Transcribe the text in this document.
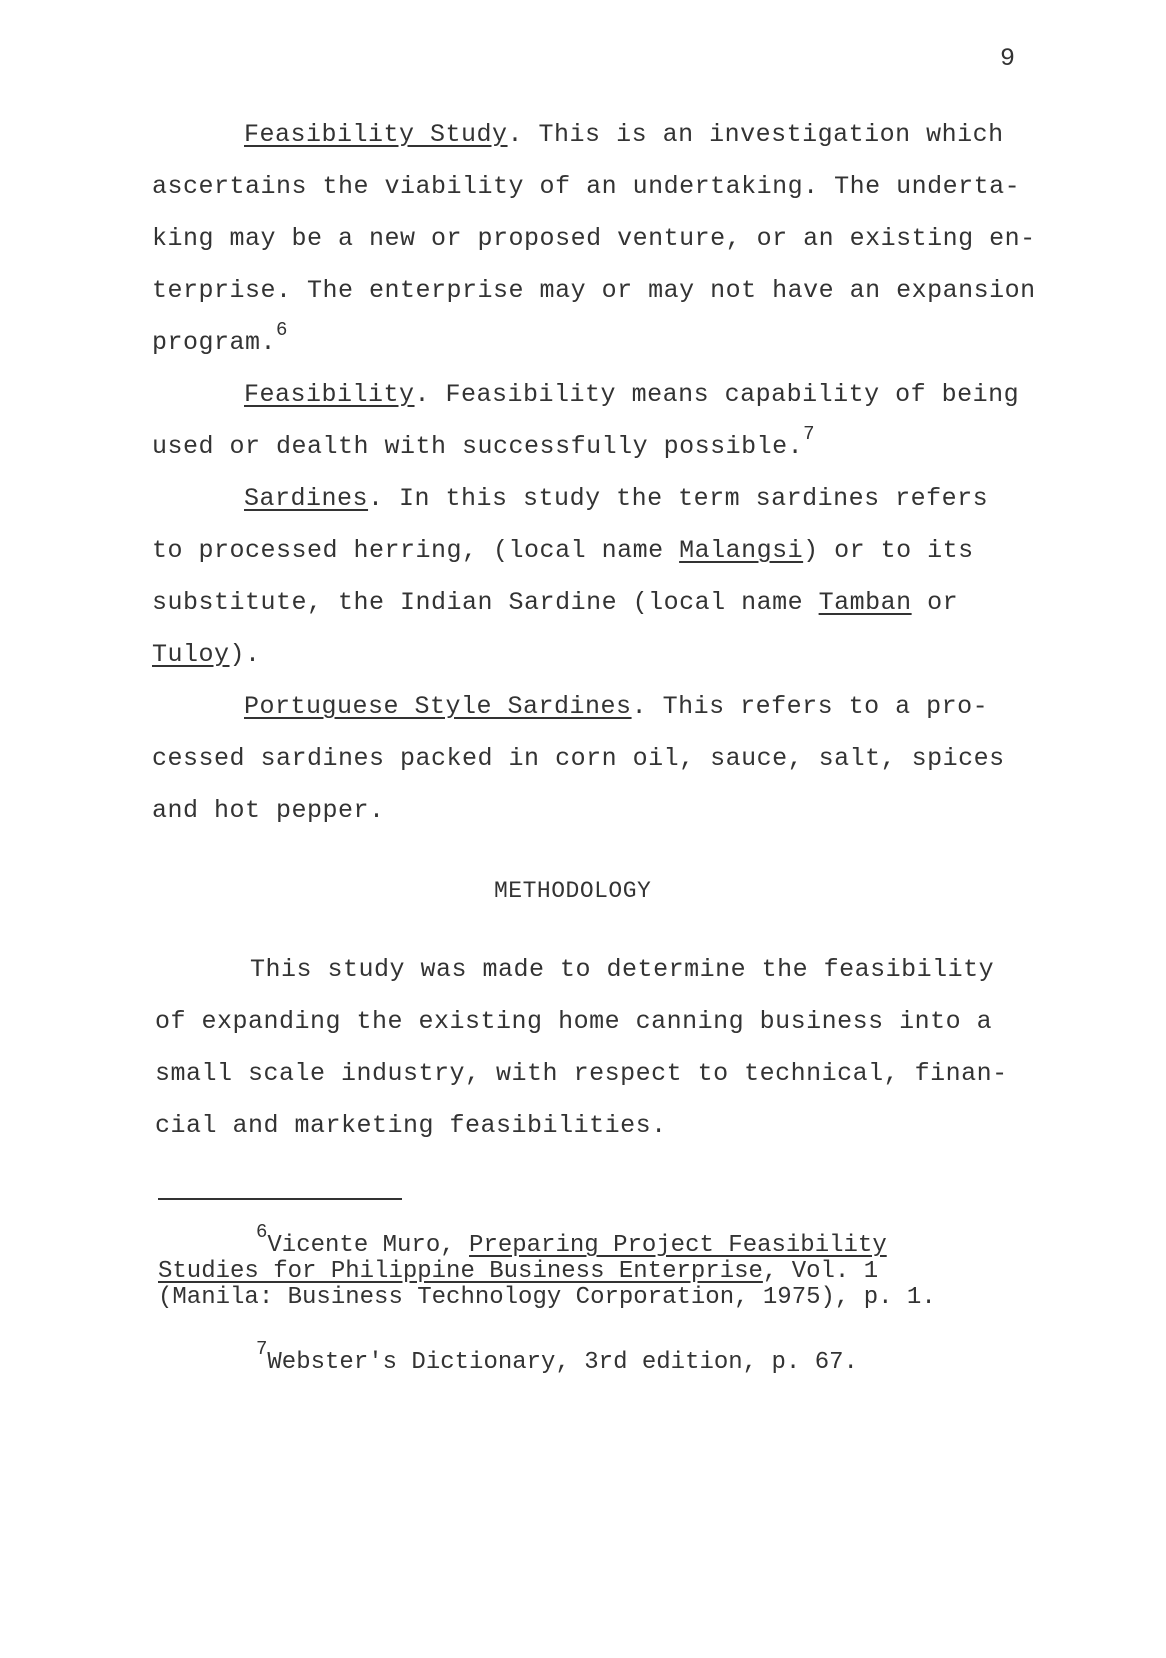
9
Feasibility Study. This is an investigation which
ascertains the viability of an undertaking. The underta-
king may be a new or proposed venture, or an existing en-
terprise. The enterprise may or may not have an expansion
program.$^6$
Feasibility. Feasibility means capability of being
used or dealth with successfully possible.$^7$
Sardines. In this study the term sardines refers
to processed herring, (local name Malangsi) or to its
substitute, the Indian Sardine (local name Tamban or
Tuloy).
Portuguese Style Sardines. This refers to a pro-
cessed sardines packed in corn oil, sauce, salt, spices
and hot pepper.
METHODOLOGY
This study was made to determine the feasibility
of expanding the existing home canning business into a
small scale industry, with respect to technical, finan-
cial and marketing feasibilities.
$^6$Vicente Muro, Preparing Project Feasibility
Studies for Philippine Business Enterprise, Vol. 1
(Manila: Business Technology Corporation, 1975), p. 1.
$^7$Webster's Dictionary, 3rd edition, p. 67.
